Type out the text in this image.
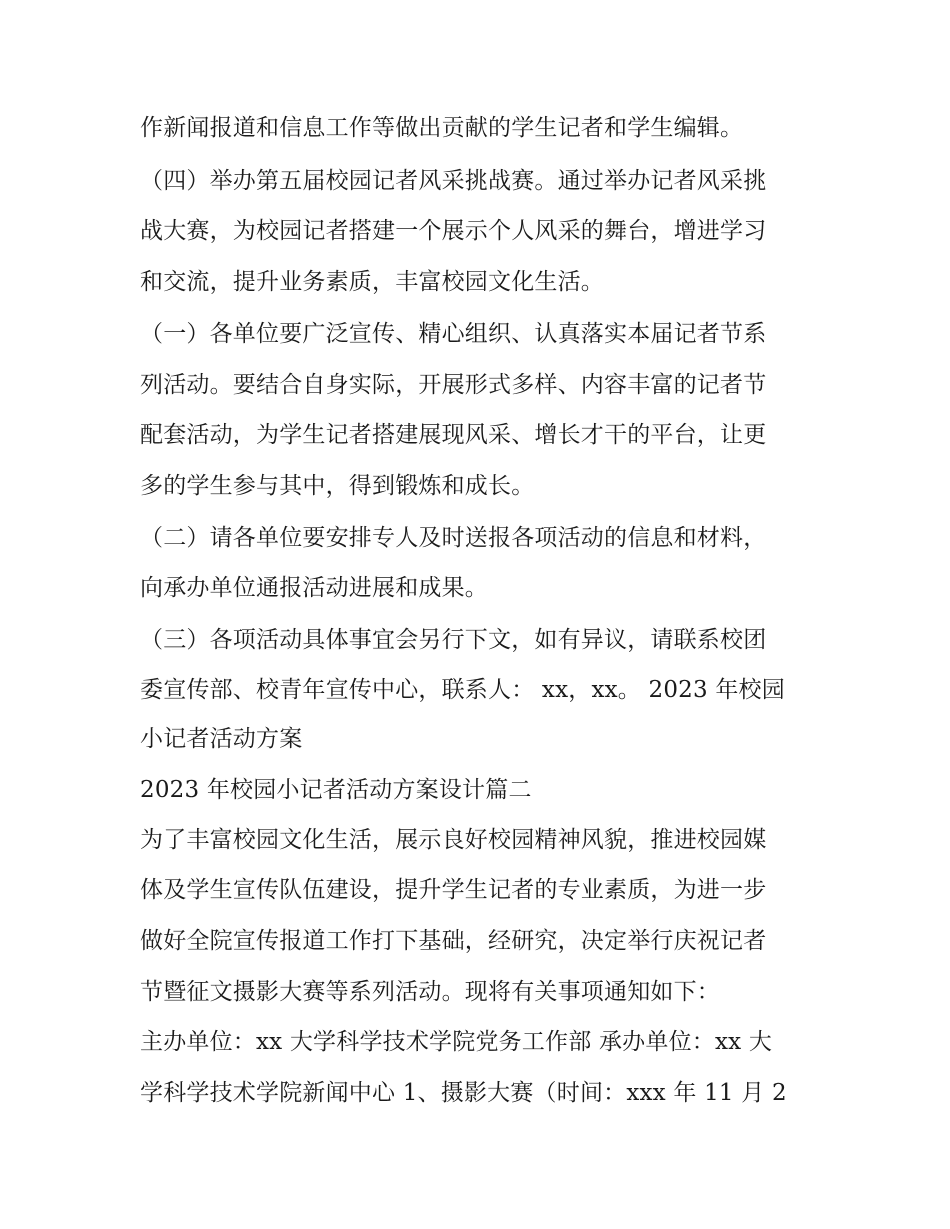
作新闻报道和信息工作等做出贡献的学生记者和学生编辑。
（四）举办第五届校园记者风采挑战赛。通过举办记者风采挑
战大赛，为校园记者搭建一个展示个人风采的舞台，增进学习
和交流，提升业务素质，丰富校园文化生活。
（一）各单位要广泛宣传、精心组织、认真落实本届记者节系
列活动。要结合自身实际，开展形式多样、内容丰富的记者节
配套活动，为学生记者搭建展现风采、增长才干的平台，让更
多的学生参与其中，得到锻炼和成长。
（二）请各单位要安排专人及时送报各项活动的信息和材料，
向承办单位通报活动进展和成果。
（三）各项活动具体事宜会另行下文，如有异议，请联系校团
委宣传部、校青年宣传中心，联系人： xx，xx。 2023 年校园
小记者活动方案
2023 年校园小记者活动方案设计篇二
为了丰富校园文化生活，展示良好校园精神风貌，推进校园媒
体及学生宣传队伍建设，提升学生记者的专业素质，为进一步
做好全院宣传报道工作打下基础，经研究，决定举行庆祝记者
节暨征文摄影大赛等系列活动。现将有关事项通知如下：
主办单位：xx 大学科学技术学院党务工作部 承办单位：xx 大
学科学技术学院新闻中心 1、摄影大赛（时间：xxx 年 11 月 2
